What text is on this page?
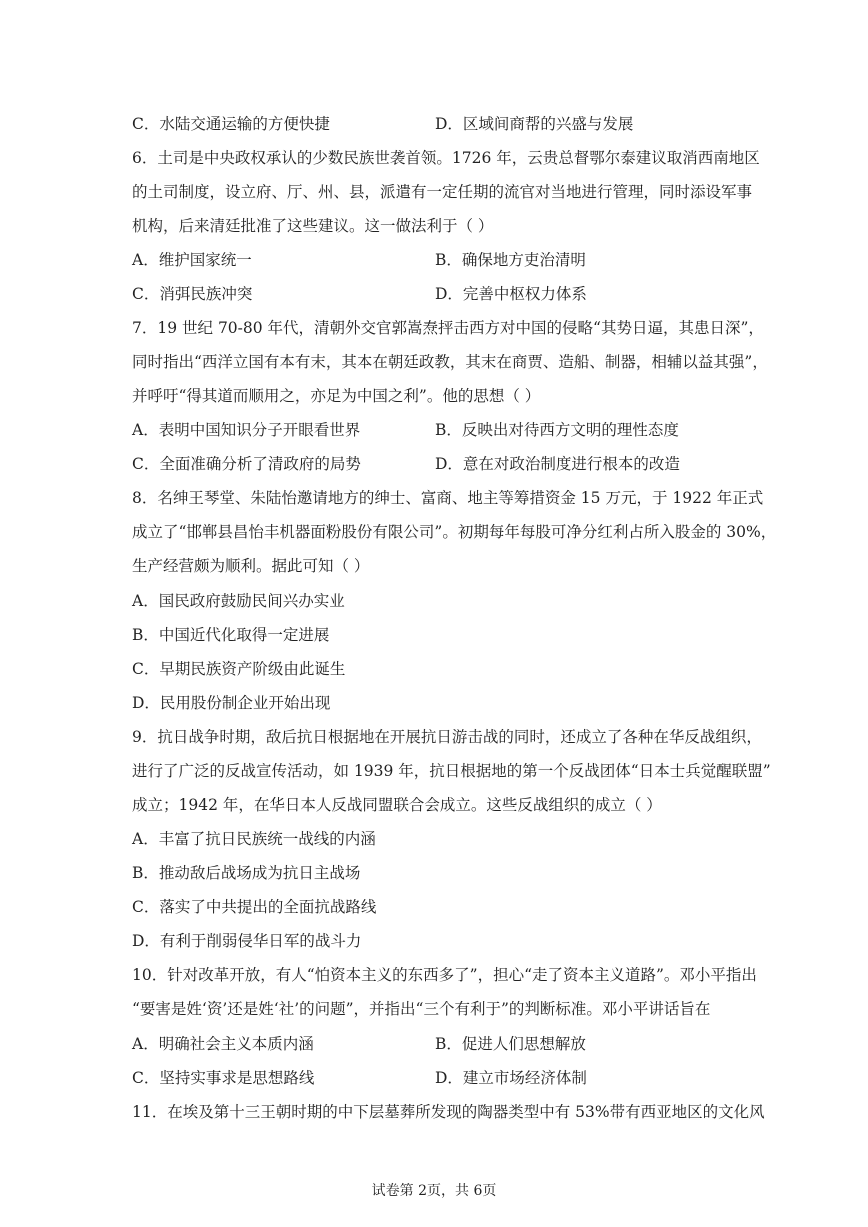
C．水陆交通运输的方便快捷	D．区域间商帮的兴盛与发展
6．土司是中央政权承认的少数民族世袭首领。1726 年，云贵总督鄂尔泰建议取消西南地区
的土司制度，设立府、厅、州、县，派遣有一定任期的流官对当地进行管理，同时添设军事
机构，后来清廷批准了这些建议。这一做法利于（ ）
A．维护国家统一	B．确保地方吏治清明
C．消弭民族冲突	D．完善中枢权力体系
7．19 世纪 70-80 年代，清朝外交官郭嵩焘抨击西方对中国的侵略“其势日逼，其患日深”，
同时指出“西洋立国有本有末，其本在朝廷政教，其末在商贾、造船、制器，相辅以益其强”，
并呼吁“得其道而顺用之，亦足为中国之利”。他的思想（ ）
A．表明中国知识分子开眼看世界	B．反映出对待西方文明的理性态度
C．全面准确分析了清政府的局势	D．意在对政治制度进行根本的改造
8．名绅王琴堂、朱陆怡邀请地方的绅士、富商、地主等筹措资金 15 万元，于 1922 年正式
成立了“邯郸县昌怡丰机器面粉股份有限公司”。初期每年每股可净分红利占所入股金的 30%，
生产经营颇为顺利。据此可知（ ）
A．国民政府鼓励民间兴办实业
B．中国近代化取得一定进展
C．早期民族资产阶级由此诞生
D．民用股份制企业开始出现
9．抗日战争时期，敌后抗日根据地在开展抗日游击战的同时，还成立了各种在华反战组织，
进行了广泛的反战宣传活动，如 1939 年，抗日根据地的第一个反战团体“日本士兵觉醒联盟”
成立；1942 年，在华日本人反战同盟联合会成立。这些反战组织的成立（ ）
A．丰富了抗日民族统一战线的内涵
B．推动敌后战场成为抗日主战场
C．落实了中共提出的全面抗战路线
D．有利于削弱侵华日军的战斗力
10．针对改革开放，有人“怕资本主义的东西多了”，担心“走了资本主义道路”。邓小平指出
“要害是姓‘资’还是姓‘社’的问题”，并指出“三个有利于”的判断标准。邓小平讲话旨在
A．明确社会主义本质内涵	B．促进人们思想解放
C．坚持实事求是思想路线	D．建立市场经济体制
11．在埃及第十三王朝时期的中下层墓葬所发现的陶器类型中有 53%带有西亚地区的文化风
试卷第 2页，共 6页
